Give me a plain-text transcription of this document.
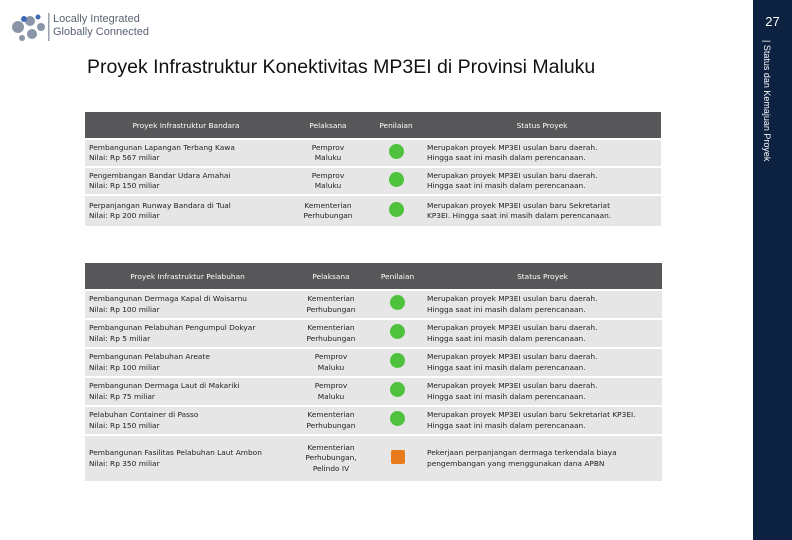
Locally Integrated
Globally Connected
27
| Status dan Kemajuan Proyek
Proyek Infrastruktur Konektivitas MP3EI di Provinsi Maluku
Proyek Infrastruktur Bandara	Pelaksana	Penilaian	Status Proyek

Pembangunan Lapangan Terbang Kawa
Nilai: Rp 567 miliar	Pemprov
Maluku		Merupakan proyek MP3EI usulan baru daerah.
Hingga saat ini masih dalam perencanaan.

Pengembangan Bandar Udara Amahai
Nilai: Rp 150 miliar	Pemprov
Maluku		Merupakan proyek MP3EI usulan baru daerah.
Hingga saat ini masih dalam perencanaan.

Perpanjangan Runway Bandara di Tual
Nilai: Rp 200 miliar	Kementerian
Perhubungan		Merupakan proyek MP3EI usulan baru Sekretariat
KP3EI. Hingga saat ini masih dalam perencanaan.
Proyek Infrastruktur Pelabuhan	Pelaksana	Penilaian	Status Proyek

Pembangunan Dermaga Kapal di Waisarnu
Nilai: Rp 100 miliar	Kementerian
Perhubungan		Merupakan proyek MP3EI usulan baru daerah.
Hingga saat ini masih dalam perencanaan.

Pembangunan Pelabuhan Pengumpul Dokyar
Nilai: Rp 5 miliar	Kementerian
Perhubungan		Merupakan proyek MP3EI usulan baru daerah.
Hingga saat ini masih dalam perencanaan.

Pembangunan Pelabuhan Areate
Nilai: Rp 100 miliar	Pemprov
Maluku		Merupakan proyek MP3EI usulan baru daerah.
Hingga saat ini masih dalam perencanaan.

Pembangunan Dermaga Laut di Makariki
Nilai: Rp 75 miliar	Pemprov
Maluku		Merupakan proyek MP3EI usulan baru daerah.
Hingga saat ini masih dalam perencanaan.

Pelabuhan Container di Passo
Nilai: Rp 150 miliar	Kementerian
Perhubungan		Merupakan proyek MP3EI usulan baru Sekretariat KP3EI.
Hingga saat ini masih dalam perencanaan.

Pembangunan Fasilitas Pelabuhan Laut Ambon
Nilai: Rp 350 miliar	Kementerian
Perhubungan,
Pelindo IV		Pekerjaan perpanjangan dermaga terkendala biaya
pengembangan yang menggunakan dana APBN
